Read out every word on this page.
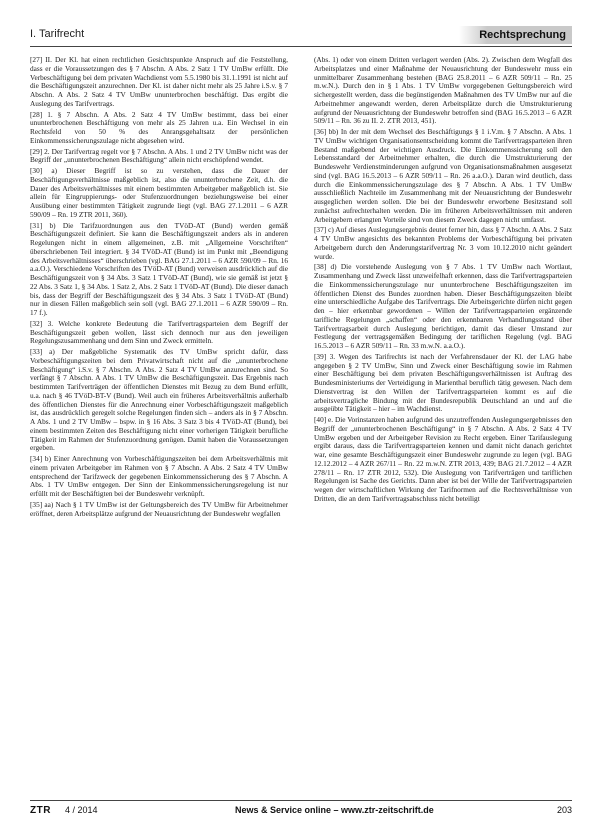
I. Tarifrecht	Rechtsprechung

[27] II. Der Kl. hat einen rechtlichen Gesichtspunkte Anspruch auf die Feststellung, dass er die Voraussetzungen des § 7 Abschn. A Abs. 2 Satz 1 TV UmBw erfüllt. Die Verbeschäftigung bei dem privaten Wachdienst vom 5.5.1980 bis 31.1.1991 ist nicht auf die Beschäftigungszeit anzurechnen. Der Kl. ist daher nicht mehr als 25 Jahre i.S.v. § 7 Abschn. A Abs. 2 Satz 4 TV UmBw ununterbrochen beschäftigt. Das ergibt die Auslegung des Tarifvertrags.

[28] 1. § 7 Abschn. A Abs. 2 Satz 4 TV UmBw bestimmt, dass bei einer ununterbrochenen Beschäftigung von mehr als 25 Jahren u.a. Ein Wechsel in ein Rechtsfeld von 50 % des Anrangsgehaltsatz der persönlichen Einkommenssicherungszulage nicht abgesehen wird.

[29] 2. Der Tarifvertrag regelt vor § 7 Abschn. A Abs. 1 und 2 TV UmBw nicht was der Begriff der „ununterbrochenen Beschäftigung“ allein nicht erschöpfend wendet.

[30] a) Dieser Begriff ist so zu verstehen, dass die Dauer der Beschäftigungsverhältnisse maßgeblich ist, also die ununterbrochene Zeit, d.h. die Dauer des Arbeitsverhältnisses mit einem bestimmten Arbeitgeber maßgeblich ist. Sie allein für Eingruppierungs- oder Stufenzuordnungen beziehungsweise bei einer Ausübung einer bestimmten Tätigkeit zugrunde liegt (vgl. BAG 27.1.2011 – 6 AZR 590/09 – Rn. 19 ZTR 2011, 360).

[31] b) Die Tarifzuordnungen aus den TVöD-AT (Bund) werden gemäß Beschäftigungszeit definiert. Sie kann die Beschäftigungszeit anders als in anderen Regelungen nicht in einem allgemeinen, z.B. mit „Allgemeine Vorschriften“ überschriebenen Teil integriert. § 34 TVöD-AT (Bund) ist im Punkt mit „Beendigung des Arbeitsverhältnisses“ überschrieben (vgl. BAG 27.1.2011 – 6 AZR 590/09 – Rn. 16 a.a.O.). Verschiedene Vorschriften des TVöD-AT (Bund) verweisen ausdrücklich auf die Beschäftigungszeit von § 34 Abs. 3 Satz 1 TVöD-AT (Bund), wie sie gemäß ist jetzt § 22 Abs. 3 Satz 1, § 34 Abs. 1 Satz 2, Abs. 2 Satz 1 TVöD-AT (Bund). Die dieser danach bis, dass der Begriff der Beschäftigungszeit des § 34 Abs. 3 Satz 1 TVöD-AT (Bund) nur in diesen Fällen maßgeblich sein soll (vgl. BAG 27.1.2011 – 6 AZR 590/09 – Rn. 17 f.).

[32] 3. Welche konkrete Bedeutung die Tarifvertragsparteien dem Begriff der Beschäftigungszeit geben wollen, lässt sich dennoch nur aus den jeweiligen Regelungszusammenhang und dem Sinn und Zweck ermitteln.

[33] a) Der maßgebliche Systematik des TV UmBw spricht dafür, dass Vorbeschäftigungszeiten bei dem Privatwirtschaft nicht auf die „ununterbrochene Beschäftigung“ i.S.v. § 7 Abschn. A Abs. 2 Satz 4 TV UmBw anzurechnen sind. So verfängt § 7 Abschn. A Abs. 1 TV UmBw die Beschäftigungszeit. Das Ergebnis nach bestimmten Tarifverträgen der öffentlichen Dienstes mit Bezug zu dem Bund erfüllt, u.a. nach § 46 TVöD-BT-V (Bund). Weil auch ein früheres Arbeitsverhältnis außerhalb des öffentlichen Dienstes für die Anrechnung einer Vorbeschäftigungszeit maßgeblich ist, das ausdrücklich geregelt solche Regelungen finden sich – anders als in § 7 Abschn. A Abs. 1 und 2 TV UmBw – bspw. in § 16 Abs. 3 Satz 3 bis 4 TVöD-AT (Bund), bei einem bestimmten Zeiten des Beschäftigung nicht einer vorherigen Tätigkeit berufliche Tätigkeit im Rahmen der Stufenzuordnung genügen. Damit haben die Voraussetzungen ergeben.

[34] b) Einer Anrechnung von Vorbeschäftigungszeiten bei dem Arbeitsverhältnis mit einem privaten Arbeitgeber im Rahmen von § 7 Abschn. A Abs. 2 Satz 4 TV UmBw entsprechend der Tarifzweck der gegebenen Einkommenssicherung des § 7 Abschn. A Abs. 1 TV UmBw entgegen. Der Sinn der Einkommenssicherungsregelung ist nur erfüllt mit der Beschäftigten bei der Bundeswehr verknüpft.

[35] aa) Nach § 1 TV UmBw ist der Geltungsbereich des TV UmBw für Arbeitnehmer eröffnet, deren Arbeitsplätze aufgrund der Neuausrichtung der Bundeswehr wegfallen

(Abs. 1) oder von einem Dritten verlagert werden (Abs. 2). Zwischen dem Wegfall des Arbeitsplatzes und einer Maßnahme der Neuausrichtung der Bundeswehr muss ein unmittelbarer Zusammenhang bestehen (BAG 25.8.2011 – 6 AZR 509/11 – Rn. 25 m.w.N.). Durch den in § 1 Abs. 1 TV UmBw vorgegebenen Geltungsbereich wird sichergestellt werden, dass die begünstigenden Maßnahmen des TV UmBw nur auf die Arbeitnehmer angewandt werden, deren Arbeitsplätze durch die Umstrukturierung aufgrund der Neuausrichtung der Bundeswehr betroffen sind (BAG 16.5.2013 – 6 AZR 509/11 – Rn. 36 zu II. 2. ZTR 2013, 451).

[36] bb) In der mit dem Wechsel des Beschäftigungs § 1 i.V.m. § 7 Abschn. A Abs. 1 TV UmBw wichtigen Organisationsentscheidung kommt die Tarifvertragsparteien ihren Bestand maßgebend der wichtigen Ausdruck. Die Einkommenssicherung soll den Lebensstandard der Arbeitnehmer erhalten, die durch die Umstrukturierung der Bundeswehr Verdienstminderungen aufgrund von Organisationsmaßnahmen ausgesetzt sind (vgl. BAG 16.5.2013 – 6 AZR 509/11 – Rn. 26 a.a.O.). Daran wird deutlich, dass durch die Einkommenssicherungszulage des § 7 Abschn. A Abs. 1 TV UmBw ausschließlich Nachteile im Zusammenhang mit der Neuausrichtung der Bundeswehr ausgeglichen werden sollen. Die bei der Bundeswehr erworbene Besitzstand soll zunächst aufrechterhalten werden. Die im früheren Arbeitsverhältnissen mit anderen Arbeitgebern erlangten Vorteile sind von diesem Zweck dagegen nicht umfasst.

[37] c) Auf dieses Auslegungsergebnis deutet ferner hin, dass § 7 Abschn. A Abs. 2 Satz 4 TV UmBw angesichts des bekannten Problems der Vorbeschäftigung bei privaten Arbeitgebern durch den Änderungstarifvertrag Nr. 3 vom 10.12.2010 nicht geändert wurde.

[38] d) Die vorstehende Auslegung von § 7 Abs. 1 TV UmBw nach Wortlaut, Zusammenhang und Zweck lässt unzweifelhaft erkennen, dass die Tarifvertragsparteien die Einkommenssicherungszulage nur ununterbrochene Beschäftigungszeiten im öffentlichen Dienst des Bundes zuordnen haben. Dieser Beschäftigungszeiten bleibt eine unterschiedliche Aufgabe des Tarifvertrags. Die Arbeitsgerichte dürfen nicht gegen den – hier erkennbar gewordenen – Willen der Tarifvertragsparteien ergänzende tarifliche Regelungen „schaffen“ oder den erkennbaren Verhandlungsstand über Tarifvertragsarbeit durch Auslegung berichtigen, damit das dieser Umstand zur Festlegung der vertragsgemäßen Bedingung der tariflichen Regelung (vgl. BAG 16.5.2013 – 6 AZR 509/11 – Rn. 33 m.w.N. a.a.O.).

[39] 3. Wegen des Tarifrechts ist nach der Verfahrensdauer der Kl. der LAG habe angegeben § 2 TV UmBw, Sinn und Zweck einer Beschäftigung sowie im Rahmen einer Beschäftigung bei dem privaten Beschäftigungsverhältnissen ist Auftrag des Bundesministeriums der Verteidigung in Marienthal beruflich tätig gewesen. Nach dem Dienstvertrag ist den Willen der Tarifvertragsparteien kommt es auf die arbeitsvertragliche Bindung mit der Bundesrepublik Deutschland an und auf die ausgeübte Tätigkeit – hier – im Wachdienst.

[40] e. Die Vorinstanzen haben aufgrund des unzutreffenden Auslegungsergebnisses den Begriff der „ununterbrochenen Beschäftigung“ in § 7 Abschn. A Abs. 2 Satz 4 TV UmBw ergeben und der Arbeitgeber Revision zu Recht ergeben. Einer Tarifauslegung ergibt daraus, dass die Tarifvertragsparteien kennen und damit nicht danach gerichtet war, eine gesamte Beschäftigungszeit einer Bundeswehr zugrunde zu legen (vgl. BAG 12.12.2012 – 4 AZR 267/11 – Rn. 22 m.w.N. ZTR 2013, 439; BAG 21.7.2012 – 4 AZR 278/11 – Rn. 17 ZTR 2012, 532). Die Auslegung von Tarifverträgen und tariflichen Regelungen ist Sache des Gerichts. Dann aber ist bei der Wille der Tarifvertragsparteien wegen der wirtschaftlichen Wirkung der Tarifnormen auf die Rechtsverhältnisse von Dritten, die an dem Tarifvertragsabschluss nicht beteiligt

ZTR 4 / 2014	News & Service online – www.ztr-zeitschrift.de	203
